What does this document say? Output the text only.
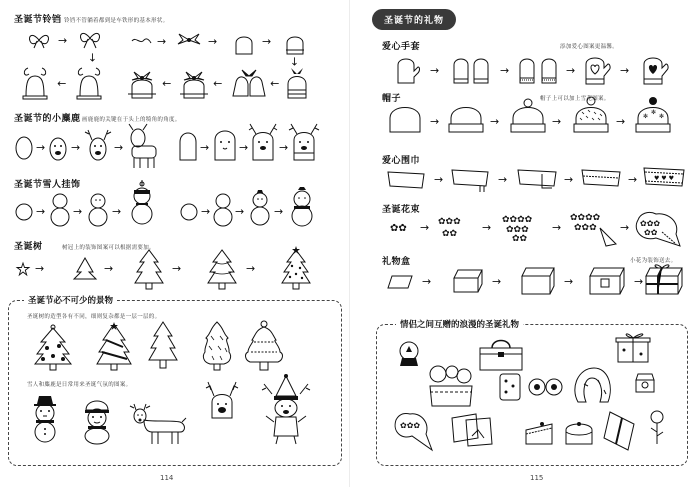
圣诞节铃铛 铃铛不管躺着都到是车铁形的基本形状。
→
→
→
→	→	→
→
→	→	→
圣诞节的小麋鹿 画鹿鹿的关键在于头上的犄角的角度。
→ →	→	→	→	→
圣诞节雪人挂饰
→	→	→	→ →	→
圣诞树	树冠上的装饰图案可以根据需要加。
→	→	→	→
圣诞节必不可少的景物
圣诞树的造型各有不同，细则复杂都是一层一层的。
雪人和麋鹿是日常用来圣诞气氛的图案。
114
圣诞节的礼物
爱心手套	添加爱心图案更温馨。
→	→	→	→
帽子	帽子上可以加上雪花图案。
→	→	→	→	✻
✻
✻
爱心围巾
→	→	→	→	♥ ♥ ♥
圣诞花束
✿✿ → ✿✿✿
✿✿ →
✿✿✿✿
✿✿✿
✿✿
→
✿✿✿✿
✿✿✿ → ✿✿✿
✿✿
礼物盒	小花为装饰送去。
→	→	→	→
情侣之间互赠的浪漫的圣诞礼物
✿✿✿
115
